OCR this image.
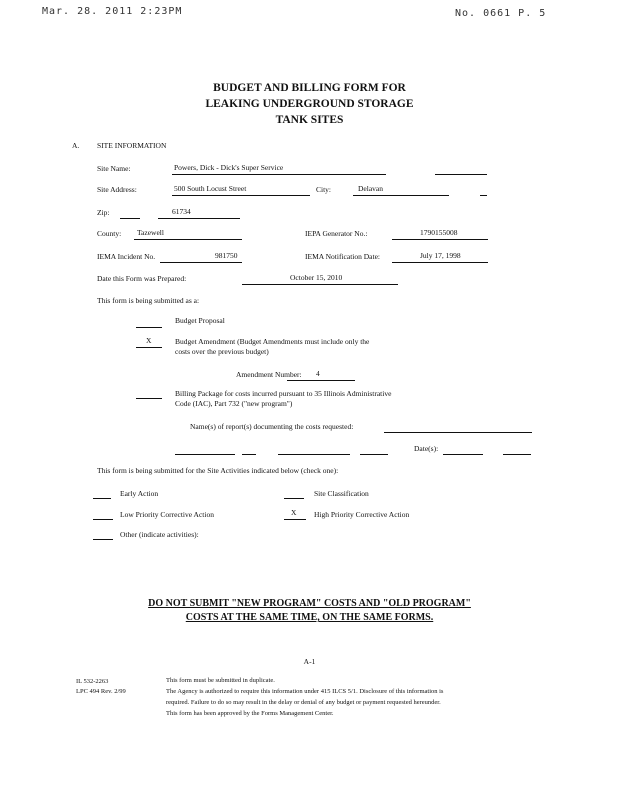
Mar. 28. 2011 2:23PM	No. 0661 P. 5
BUDGET AND BILLING FORM FOR
LEAKING UNDERGROUND STORAGE
TANK SITES
A. SITE INFORMATION
Site Name:	Powers, Dick - Dick's Super Service
Site Address:	500 South Locust Street	City:	Delavan
Zip:	61734
County: Tazewell	IEPA Generator No.:	1790155008
IEMA Incident No.	981750	IEMA Notification Date:	July 17, 1998
Date this Form was Prepared:	October 15, 2010
This form is being submitted as a:
Budget Proposal
X	Budget Amendment (Budget Amendments must include only the
costs over the previous budget)
Amendment Number: 4
Billing Package for costs incurred pursuant to 35 Illinois Administrative
Code (IAC), Part 732 ("new program")
Name(s) of report(s) documenting the costs requested:
Date(s):
This form is being submitted for the Site Activities indicated below (check one):
Early Action	Site Classification
Low Priority Corrective Action	X High Priority Corrective Action
Other (indicate activities):
DO NOT SUBMIT "NEW PROGRAM" COSTS AND "OLD PROGRAM"
COSTS AT THE SAME TIME, ON THE SAME FORMS.
A-1
IL 532-2263
LPC 494 Rev. 2/99
This form must be submitted in duplicate.
The Agency is authorized to require this information under 415 ILCS 5/1. Disclosure of this information is
required. Failure to do so may result in the delay or denial of any budget or payment requested hereunder.
This form has been approved by the Forms Management Center.
